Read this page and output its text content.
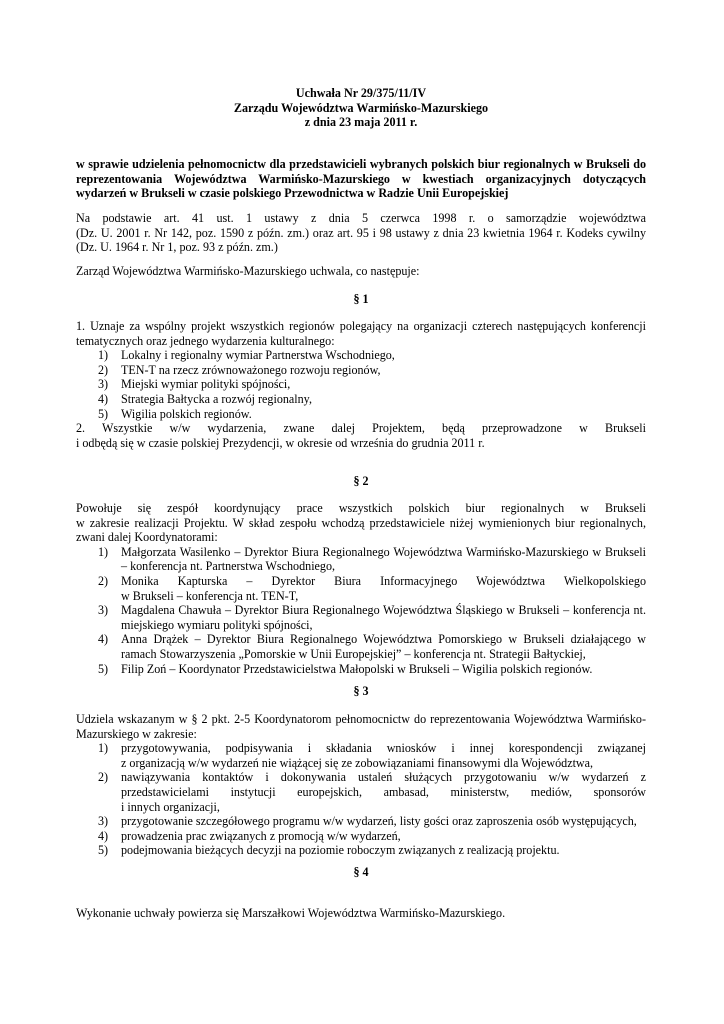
Uchwała Nr 29/375/11/IV
Zarządu Województwa Warmińsko-Mazurskiego
z dnia 23 maja 2011 r.
w sprawie udzielenia pełnomocnictw dla przedstawicieli wybranych polskich biur regionalnych w Brukseli do
reprezentowania Województwa Warmińsko-Mazurskiego w kwestiach organizacyjnych dotyczących
wydarzeń w Brukseli w czasie polskiego Przewodnictwa w Radzie Unii Europejskiej
Na podstawie art. 41 ust. 1 ustawy z dnia 5 czerwca 1998 r. o samorządzie województwa
(Dz. U. 2001 r. Nr 142, poz. 1590 z późn. zm.) oraz art. 95 i 98 ustawy z dnia 23 kwietnia 1964 r. Kodeks cywilny
(Dz. U. 1964 r. Nr 1, poz. 93 z późn. zm.)
Zarząd Województwa Warmińsko-Mazurskiego uchwala, co następuje:
§ 1
1. Uznaje za wspólny projekt wszystkich regionów polegający na organizacji czterech następujących konferencji
tematycznych oraz jednego wydarzenia kulturalnego:
1) Lokalny i regionalny wymiar Partnerstwa Wschodniego,
2) TEN-T na rzecz zrównoważonego rozwoju regionów,
3) Miejski wymiar polityki spójności,
4) Strategia Bałtycka a rozwój regionalny,
5) Wigilia polskich regionów.
2. Wszystkie w/w wydarzenia, zwane dalej Projektem, będą przeprowadzone w Brukseli
i odbędą się w czasie polskiej Prezydencji, w okresie od września do grudnia 2011 r.
§ 2
Powołuje się zespół koordynujący prace wszystkich polskich biur regionalnych w Brukseli
w zakresie realizacji Projektu. W skład zespołu wchodzą przedstawiciele niżej wymienionych biur regionalnych,
zwani dalej Koordynatorami:
1) Małgorzata Wasilenko – Dyrektor Biura Regionalnego Województwa Warmińsko-Mazurskiego w Brukseli
– konferencja nt. Partnerstwa Wschodniego,
2) Monika Kapturska – Dyrektor Biura Informacyjnego Województwa Wielkopolskiego
w Brukseli – konferencja nt. TEN-T,
3) Magdalena Chawuła – Dyrektor Biura Regionalnego Województwa Śląskiego w Brukseli – konferencja nt.
miejskiego wymiaru polityki spójności,
4) Anna Drążek – Dyrektor Biura Regionalnego Województwa Pomorskiego w Brukseli działającego w
ramach Stowarzyszenia „Pomorskie w Unii Europejskiej” – konferencja nt. Strategii Bałtyckiej,
5) Filip Zoń – Koordynator Przedstawicielstwa Małopolski w Brukseli – Wigilia polskich regionów.
§ 3
Udziela wskazanym w § 2 pkt. 2-5 Koordynatorom pełnomocnictw do reprezentowania Województwa Warmińsko-
Mazurskiego w zakresie:
1) przygotowywania, podpisywania i składania wniosków i innej korespondencji związanej
z organizacją w/w wydarzeń nie wiążącej się ze zobowiązaniami finansowymi dla Województwa,
2) nawiązywania kontaktów i dokonywania ustaleń służących przygotowaniu w/w wydarzeń z
przedstawicielami instytucji europejskich, ambasad, ministerstw, mediów, sponsorów
i innych organizacji,
3) przygotowanie szczegółowego programu w/w wydarzeń, listy gości oraz zaproszenia osób występujących,
4) prowadzenia prac związanych z promocją w/w wydarzeń,
5) podejmowania bieżących decyzji na poziomie roboczym związanych z realizacją projektu.
§ 4
Wykonanie uchwały powierza się Marszałkowi Województwa Warmińsko-Mazurskiego.
